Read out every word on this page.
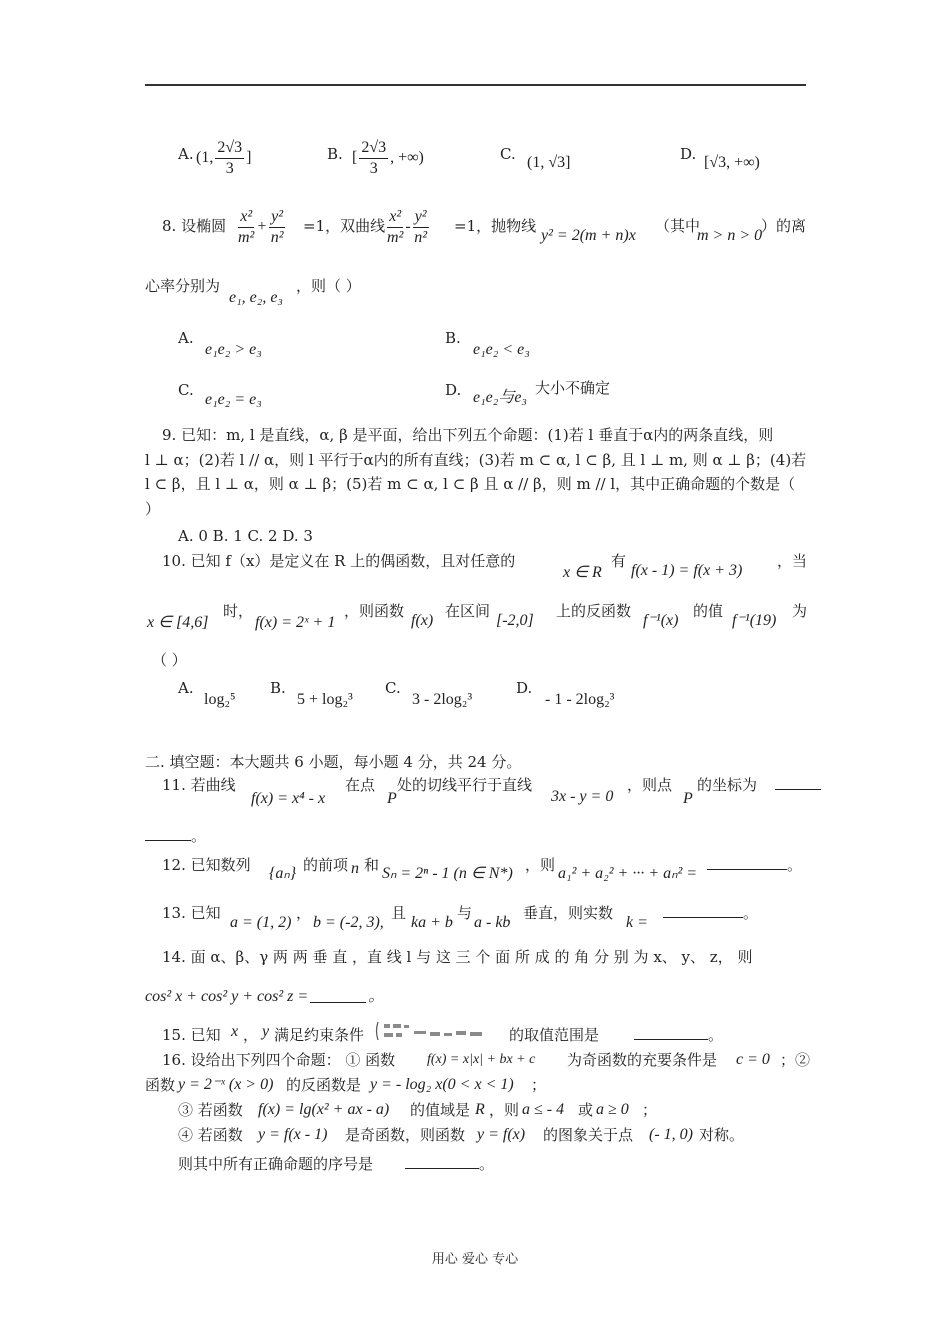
A. (1, $\frac{2√3}{3}$ ]	B. [ $\frac{2√3}{3}$ , +∞)	C. (1, √3]	D. [√3, +∞)
8. 设椭圆 $\frac{\text{x²}}{\text{m²}} + \frac{\text{y²}}{\text{n²}} =1$，双曲线 $\frac{\text{x²}}{\text{m²}} - \frac{\text{y²}}{\text{n²}} =1$，抛物线
y² = 2(m + n)x
（其中
m > n > 0
）的离
心率分别为
e₁, e₂, e₃
，则（ ）
A.
e₁e₂ > e₃
B.
e₁e₂ < e₃
C.
e₁e₂ = e₃
D. e₁e₂与e₃
大小不确定
9. 已知：m, l 是直线，α, β 是平面，给出下列五个命题：(1)若 l 垂直于α内的两条直线，则
l ⊥ α；(2)若 l // α，则 l 平行于α内的所有直线；(3)若 m ⊂ α, l ⊂ β, 且 l ⊥ m, 则 α ⊥ β；(4)若
l ⊂ β，且 l ⊥ α，则 α ⊥ β；(5)若 m ⊂ α, l ⊂ β 且 α // β，则 m // l，其中正确命题的个数是（
）
A. 0 B. 1 C. 2 D. 3
10. 已知 f（x）是定义在 R 上的偶函数，且对任意的
x ∈ R
有
f(x - 1) = f(x + 3)
，当
x ∈ [4,6]
时，
f(x) = 2ˣ + 1
，则函数
f(x)
在区间
[-2,0]
上的反函数
f⁻¹(x)
的值
f⁻¹(19)
为
（ ）
A.
log₂⁵
B.
5 + log₂³
C.
3 - 2log₂³
D.
- 1 - 2log₂³
二. 填空题：本大题共 6 小题，每小题 4 分，共 24 分。
11. 若曲线
f(x) = x⁴ - x
在点
P
处的切线平行于直线
3x - y = 0
，则点
P
的坐标为
。
12. 已知数列 {aₙ} 的前项 n 和 Sₙ = 2ⁿ - 1 (n ∈ N*) ，则 a₁² + a₂² + ··· + aₙ² =	。
13. 已知
a = (1, 2)
，
b = (-2, 3),
且
ka + b
与
a - kb
垂直，则实数
k =
。
14. 面 α、β、γ 两 两 垂 直 ，直 线 l 与 这 三 个 面 所 成 的 角 分 别 为 x、 y、 z， 则
cos² x + cos² y + cos² z =	。
15. 已知 x ， y 满足约束条件	的取值范围是	。
16. 设给出下列四个命题： ① 函数 f(x) = x|x| + bx + c 为奇函数的充要条件是 c = 0 ；②
函数 y = 2⁻ˣ (x > 0) 的反函数是 y = - log₂ x(0 < x < 1) ；
③ 若函数 f(x) = lg(x² + ax - a) 的值域是 R ，则 a ≤ - 4 或 a ≥ 0 ；
④ 若函数 y = f(x - 1) 是奇函数，则函数 y = f(x) 的图象关于点 (- 1, 0) 对称。
则其中所有正确命题的序号是	。
用心 爱心 专心
